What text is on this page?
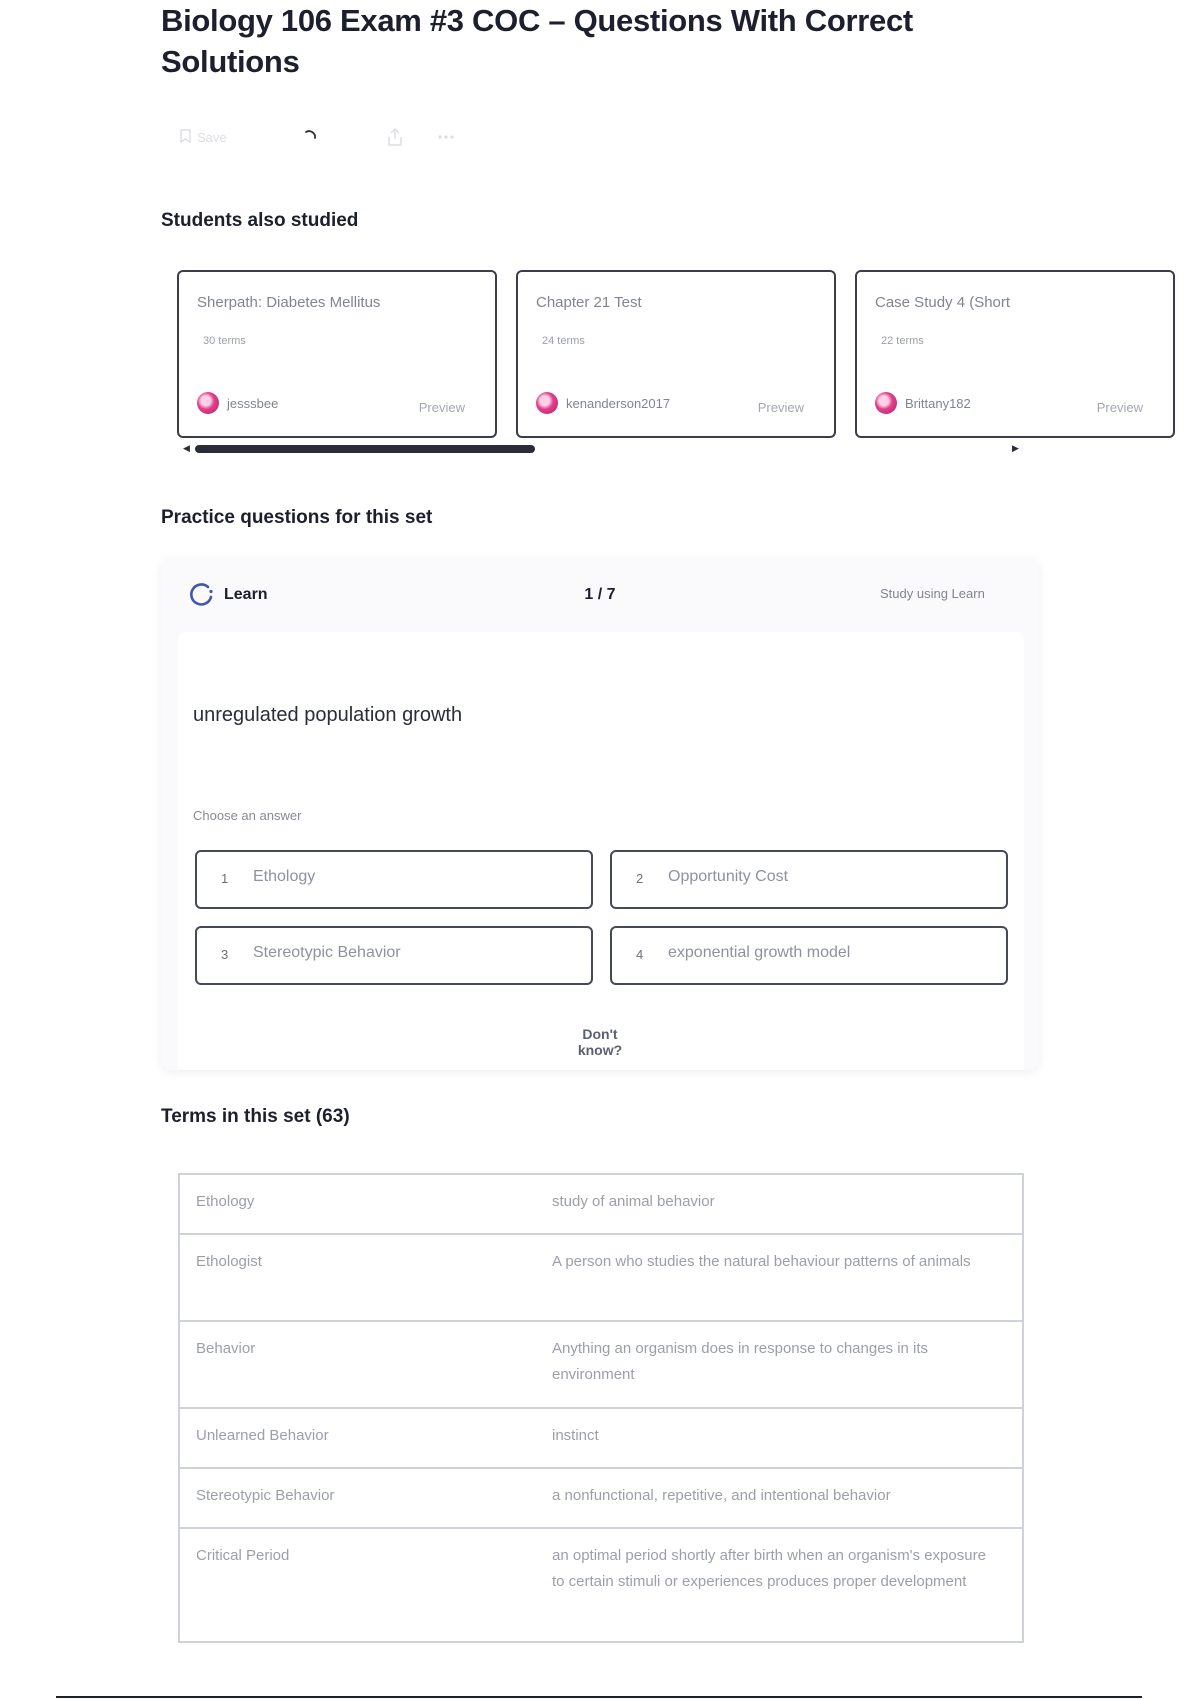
Biology 106 Exam #3 COC – Questions With Correct Solutions
Save
Students also studied
Sherpath: Diabetes Mellitus
30 terms
jesssbee	Preview
Chapter 21 Test
24 terms
kenanderson2017	Preview
Case Study 4 (Short
22 terms
Brittany182	Preview
◀	▶
Practice questions for this set
Learn	1 / 7	Study using Learn
unregulated population growth
Choose an answer
1 Ethology	2 Opportunity Cost
3 Stereotypic Behavior	4 exponential growth model
Don't know?
Terms in this set (63)
Ethology	study of animal behavior
Ethologist	A person who studies the natural behaviour patterns of animals
Behavior	Anything an organism does in response to changes in its environment
Unlearned Behavior	instinct
Stereotypic Behavior	a nonfunctional, repetitive, and intentional behavior
Critical Period	an optimal period shortly after birth when an organism's exposure to certain stimuli or experiences produces proper development
